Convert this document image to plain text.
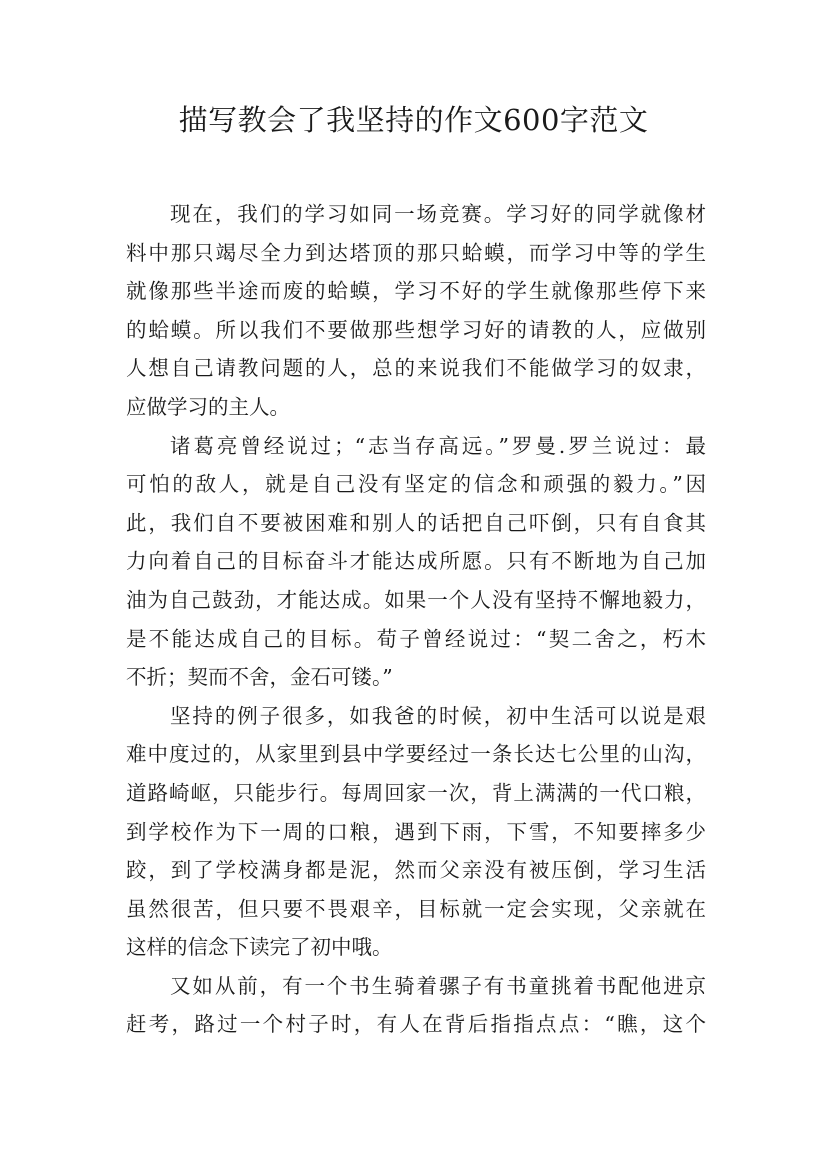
描写教会了我坚持的作文600字范文
现在，我们的学习如同一场竞赛。学习好的同学就像材
料中那只竭尽全力到达塔顶的那只蛤蟆，而学习中等的学生
就像那些半途而废的蛤蟆，学习不好的学生就像那些停下来
的蛤蟆。所以我们不要做那些想学习好的请教的人，应做别
人想自己请教问题的人，总的来说我们不能做学习的奴隶，
应做学习的主人。
诸葛亮曾经说过；“志当存高远。”罗曼.罗兰说过：最
可怕的敌人，就是自己没有坚定的信念和顽强的毅力。”因
此，我们自不要被困难和别人的话把自己吓倒，只有自食其
力向着自己的目标奋斗才能达成所愿。只有不断地为自己加
油为自己鼓劲，才能达成。如果一个人没有坚持不懈地毅力，
是不能达成自己的目标。荀子曾经说过：“契二舍之，朽木
不折；契而不舍，金石可镂。”
坚持的例子很多，如我爸的时候，初中生活可以说是艰
难中度过的，从家里到县中学要经过一条长达七公里的山沟，
道路崎岖，只能步行。每周回家一次，背上满满的一代口粮，
到学校作为下一周的口粮，遇到下雨，下雪，不知要摔多少
跤，到了学校满身都是泥，然而父亲没有被压倒，学习生活
虽然很苦，但只要不畏艰辛，目标就一定会实现，父亲就在
这样的信念下读完了初中哦。
又如从前，有一个书生骑着骡子有书童挑着书配他进京
赶考，路过一个村子时，有人在背后指指点点：“瞧，这个
